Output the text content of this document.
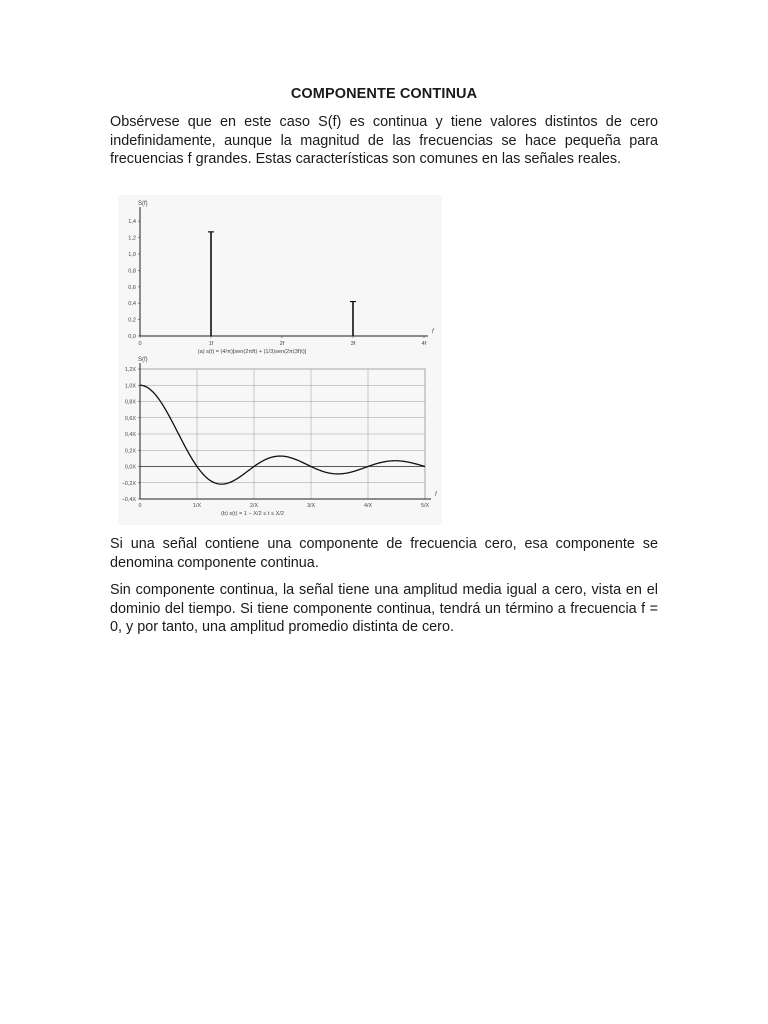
COMPONENTE CONTINUA

Obsérvese que en este caso S(f) es continua y tiene valores distintos de cero indefinidamente, aunque la magnitud de las frecuencias se hace pequeña para frecuencias f grandes. Estas características son comunes en las señales reales.

S(f)
f
0,0
0,2
0,4
0,6
0,8
1,0
1,2
1,4
0	1f	2f	3f	4f
(a) s(t) = (4/π)[sen(2πft) + (1/3)sen(2π(3f)t)]
S(f)
f
−0,4X
−0,2X
0,0X
0,2X
0,4X
0,6X
0,8X
1,0X
1,2X
0	1/X	2/X	3/X	4/X	5/X
(b) s(t) = 1 − X/2 ≤ t ≤ X/2

Si una señal contiene una componente de frecuencia cero, esa componente se denomina componente continua.

Sin componente continua, la señal tiene una amplitud media igual a cero, vista en el dominio del tiempo. Si tiene componente continua, tendrá un término a frecuencia f = 0, y por tanto, una amplitud promedio distinta de cero.
